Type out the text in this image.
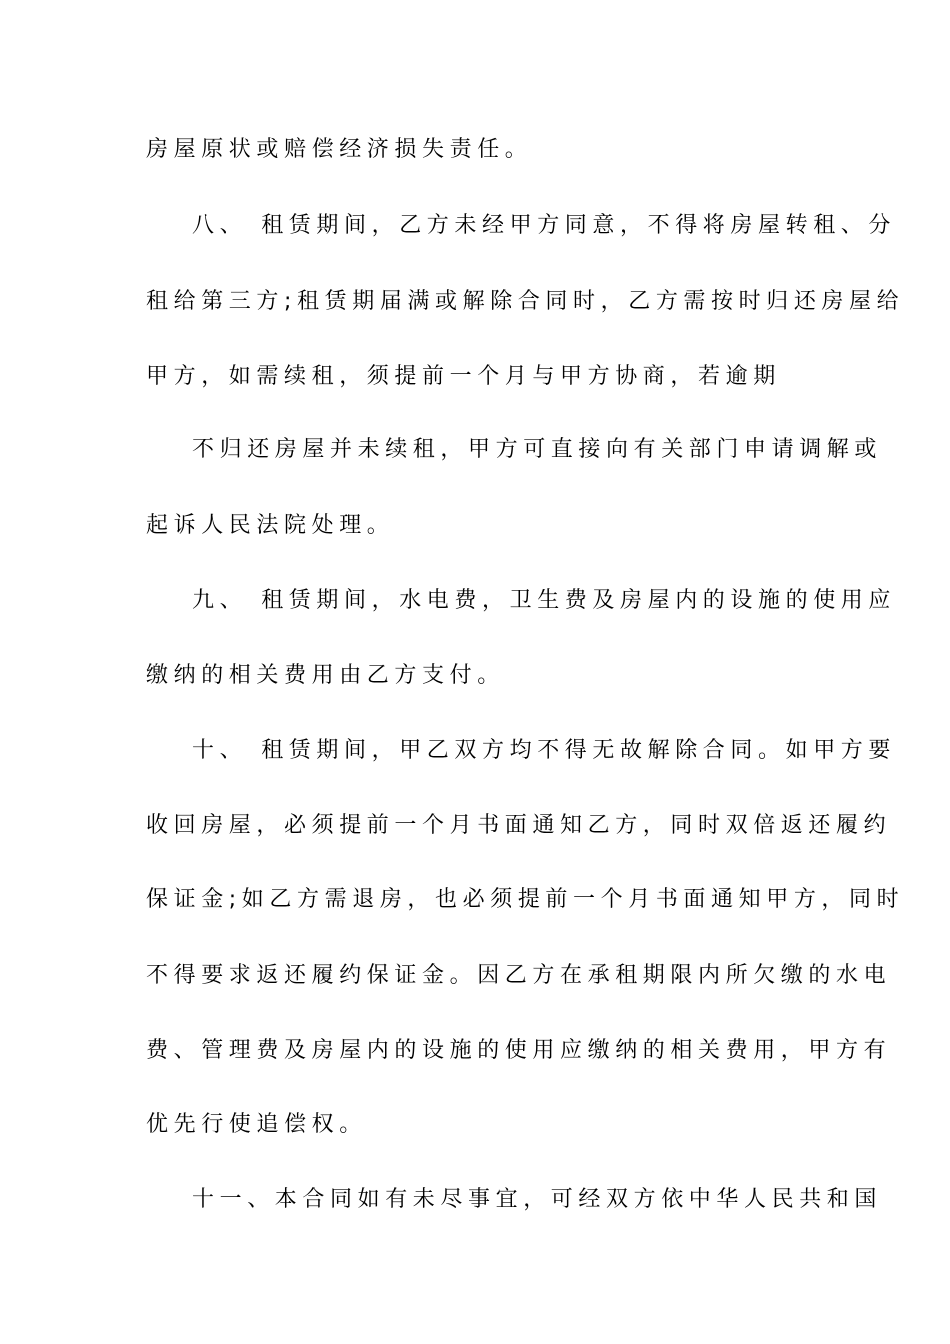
房屋原状或赔偿经济损失责任。
八、 租赁期间，乙方未经甲方同意，不得将房屋转租、分
租给第三方;租赁期届满或解除合同时，乙方需按时归还房屋给
甲方，如需续租，须提前一个月与甲方协商，若逾期
不归还房屋并未续租，甲方可直接向有关部门申请调解或
起诉人民法院处理。
九、 租赁期间，水电费，卫生费及房屋内的设施的使用应
缴纳的相关费用由乙方支付。
十、 租赁期间，甲乙双方均不得无故解除合同。如甲方要
收回房屋，必须提前一个月书面通知乙方，同时双倍返还履约
保证金;如乙方需退房，也必须提前一个月书面通知甲方，同时
不得要求返还履约保证金。因乙方在承租期限内所欠缴的水电
费、管理费及房屋内的设施的使用应缴纳的相关费用，甲方有
优先行使追偿权。
十一、本合同如有未尽事宜，可经双方依中华人民共和国
